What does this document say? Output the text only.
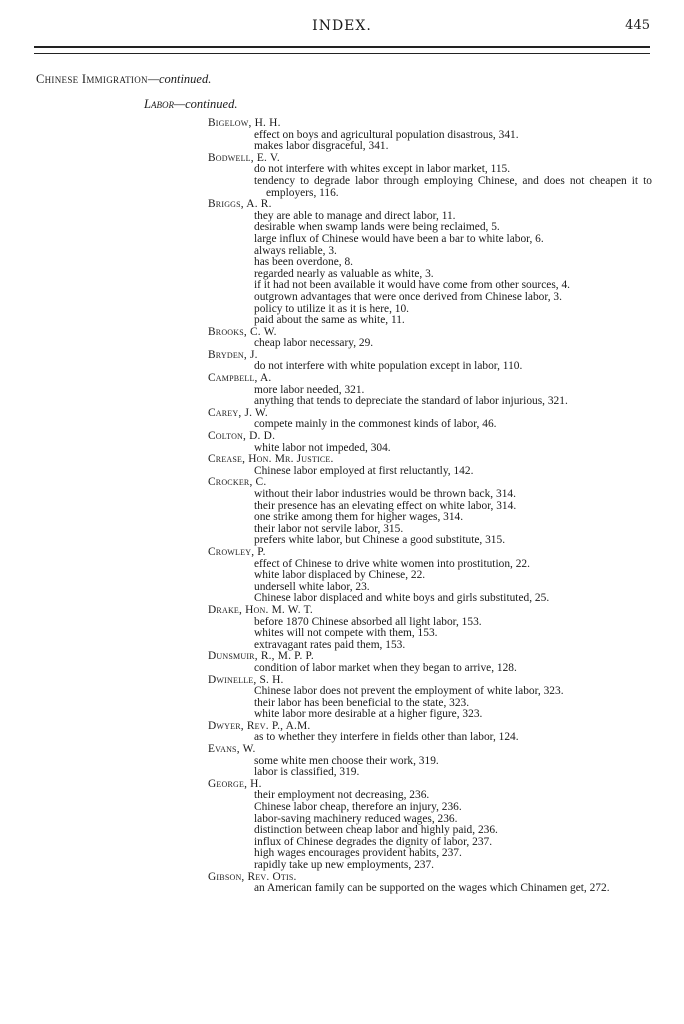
INDEX.	445
Chinese Immigration—continued.
Labor—continued.
Bigelow, H. H.
effect on boys and agricultural population disastrous, 341.
makes labor disgraceful, 341.
Bodwell, E. V.
do not interfere with whites except in labor market, 115.
tendency to degrade labor through employing Chinese, and does not cheapen it to employers, 116.
Briggs, A. R.
they are able to manage and direct labor, 11.
desirable when swamp lands were being reclaimed, 5.
large influx of Chinese would have been a bar to white labor, 6.
always reliable, 3.
has been overdone, 8.
regarded nearly as valuable as white, 3.
if it had not been available it would have come from other sources, 4.
outgrown advantages that were once derived from Chinese labor, 3.
policy to utilize it as it is here, 10.
paid about the same as white, 11.
Brooks, C. W.
cheap labor necessary, 29.
Bryden, J.
do not interfere with white population except in labor, 110.
Campbell, A.
more labor needed, 321.
anything that tends to depreciate the standard of labor injurious, 321.
Carey, J. W.
compete mainly in the commonest kinds of labor, 46.
Colton, D. D.
white labor not impeded, 304.
Crease, Hon. Mr. Justice.
Chinese labor employed at first reluctantly, 142.
Crocker, C.
without their labor industries would be thrown back, 314.
their presence has an elevating effect on white labor, 314.
one strike among them for higher wages, 314.
their labor not servile labor, 315.
prefers white labor, but Chinese a good substitute, 315.
Crowley, P.
effect of Chinese to drive white women into prostitution, 22.
white labor displaced by Chinese, 22.
undersell white labor, 23.
Chinese labor displaced and white boys and girls substituted, 25.
Drake, Hon. M. W. T.
before 1870 Chinese absorbed all light labor, 153.
whites will not compete with them, 153.
extravagant rates paid them, 153.
Dunsmuir, R., M. P. P.
condition of labor market when they began to arrive, 128.
Dwinelle, S. H.
Chinese labor does not prevent the employment of white labor, 323.
their labor has been beneficial to the state, 323.
white labor more desirable at a higher figure, 323.
Dwyer, Rev. P., A.M.
as to whether they interfere in fields other than labor, 124.
Evans, W.
some white men choose their work, 319.
labor is classified, 319.
George, H.
their employment not decreasing, 236.
Chinese labor cheap, therefore an injury, 236.
labor-saving machinery reduced wages, 236.
distinction between cheap labor and highly paid, 236.
influx of Chinese degrades the dignity of labor, 237.
high wages encourages provident habits, 237.
rapidly take up new employments, 237.
Gibson, Rev. Otis.
an American family can be supported on the wages which Chinamen get, 272.
